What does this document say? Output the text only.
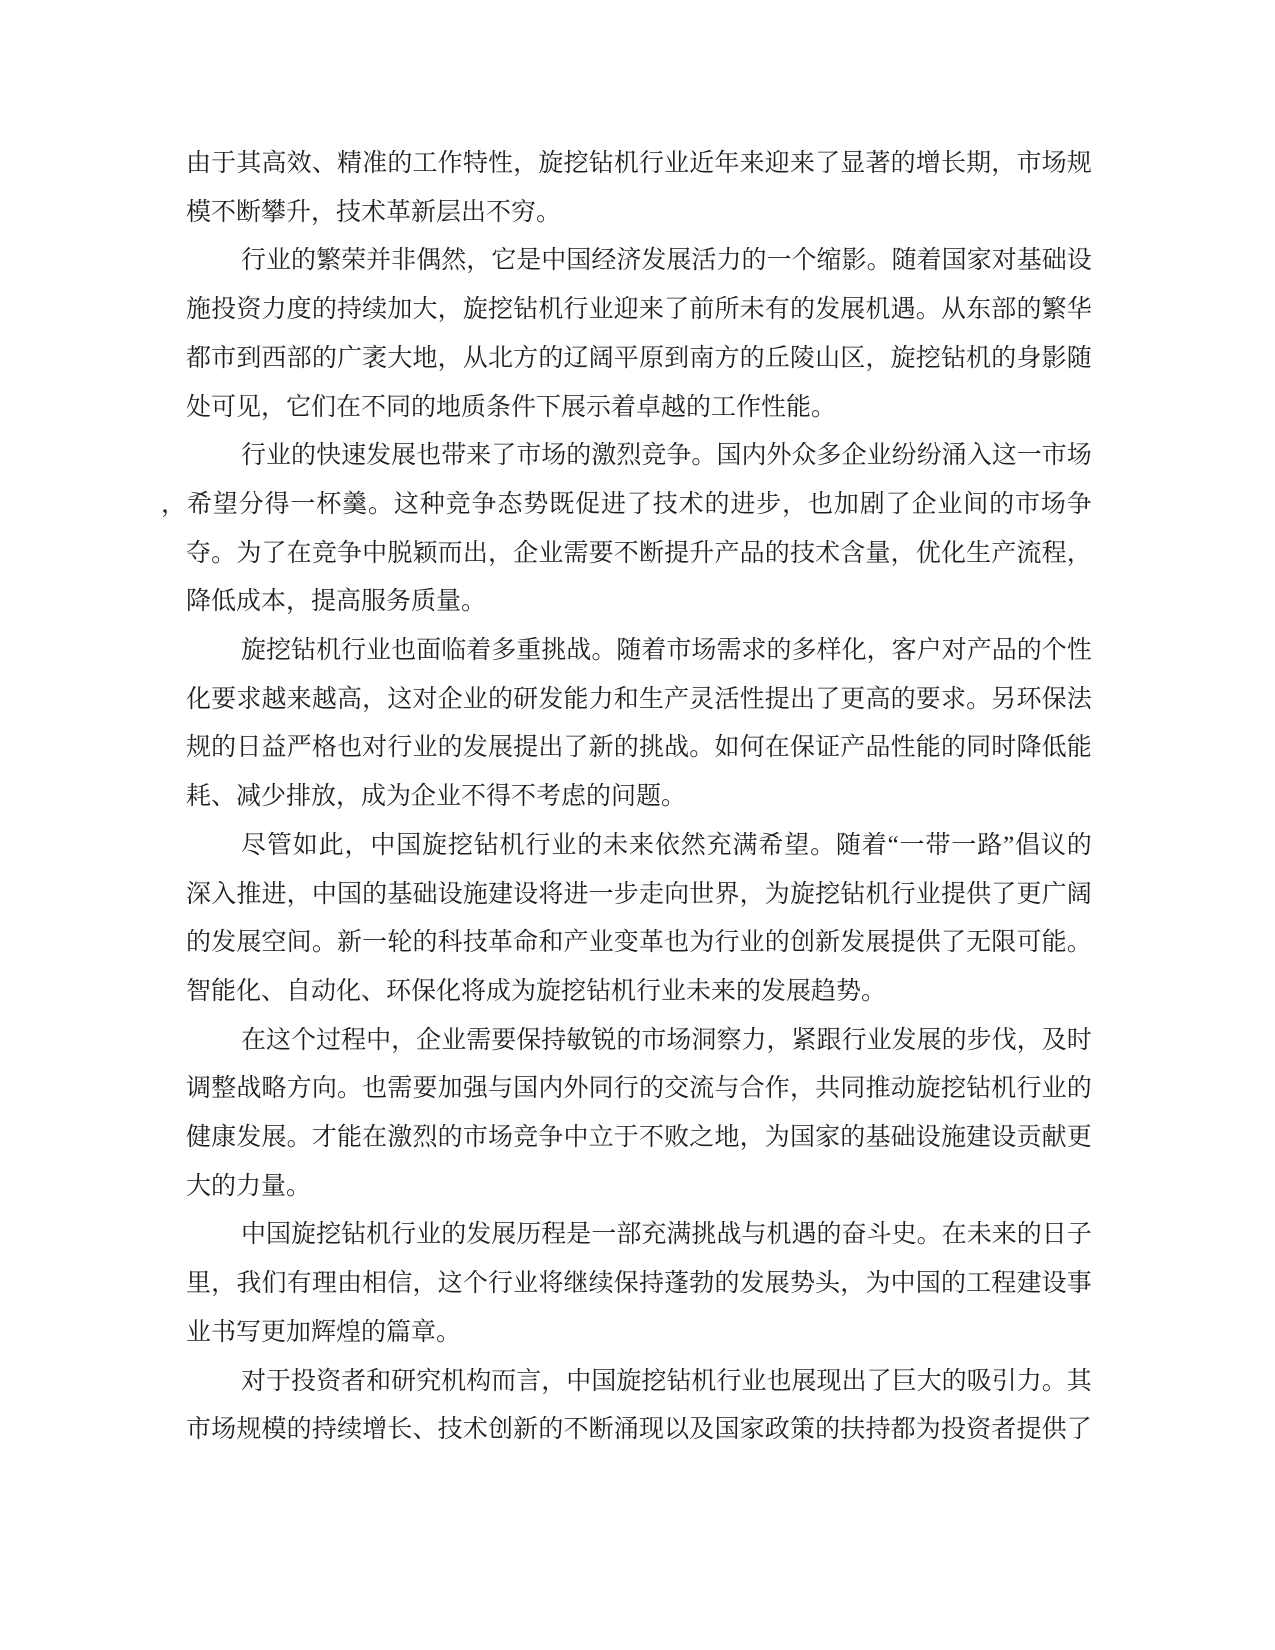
由于其高效、精准的工作特性，旋挖钻机行业近年来迎来了显著的增长期，市场规
模不断攀升，技术革新层出不穷。

行业的繁荣并非偶然，它是中国经济发展活力的一个缩影。随着国家对基础设
施投资力度的持续加大，旋挖钻机行业迎来了前所未有的发展机遇。从东部的繁华
都市到西部的广袤大地，从北方的辽阔平原到南方的丘陵山区，旋挖钻机的身影随
处可见，它们在不同的地质条件下展示着卓越的工作性能。

行业的快速发展也带来了市场的激烈竞争。国内外众多企业纷纷涌入这一市场
，希望分得一杯羹。这种竞争态势既促进了技术的进步，也加剧了企业间的市场争
夺。为了在竞争中脱颖而出，企业需要不断提升产品的技术含量，优化生产流程，
降低成本，提高服务质量。

旋挖钻机行业也面临着多重挑战。随着市场需求的多样化，客户对产品的个性
化要求越来越高，这对企业的研发能力和生产灵活性提出了更高的要求。另环保法
规的日益严格也对行业的发展提出了新的挑战。如何在保证产品性能的同时降低能
耗、减少排放，成为企业不得不考虑的问题。

尽管如此，中国旋挖钻机行业的未来依然充满希望。随着“一带一路”倡议的
深入推进，中国的基础设施建设将进一步走向世界，为旋挖钻机行业提供了更广阔
的发展空间。新一轮的科技革命和产业变革也为行业的创新发展提供了无限可能。
智能化、自动化、环保化将成为旋挖钻机行业未来的发展趋势。

在这个过程中，企业需要保持敏锐的市场洞察力，紧跟行业发展的步伐，及时
调整战略方向。也需要加强与国内外同行的交流与合作，共同推动旋挖钻机行业的
健康发展。才能在激烈的市场竞争中立于不败之地，为国家的基础设施建设贡献更
大的力量。

中国旋挖钻机行业的发展历程是一部充满挑战与机遇的奋斗史。在未来的日子
里，我们有理由相信，这个行业将继续保持蓬勃的发展势头，为中国的工程建设事
业书写更加辉煌的篇章。

对于投资者和研究机构而言，中国旋挖钻机行业也展现出了巨大的吸引力。其
市场规模的持续增长、技术创新的不断涌现以及国家政策的扶持都为投资者提供了
